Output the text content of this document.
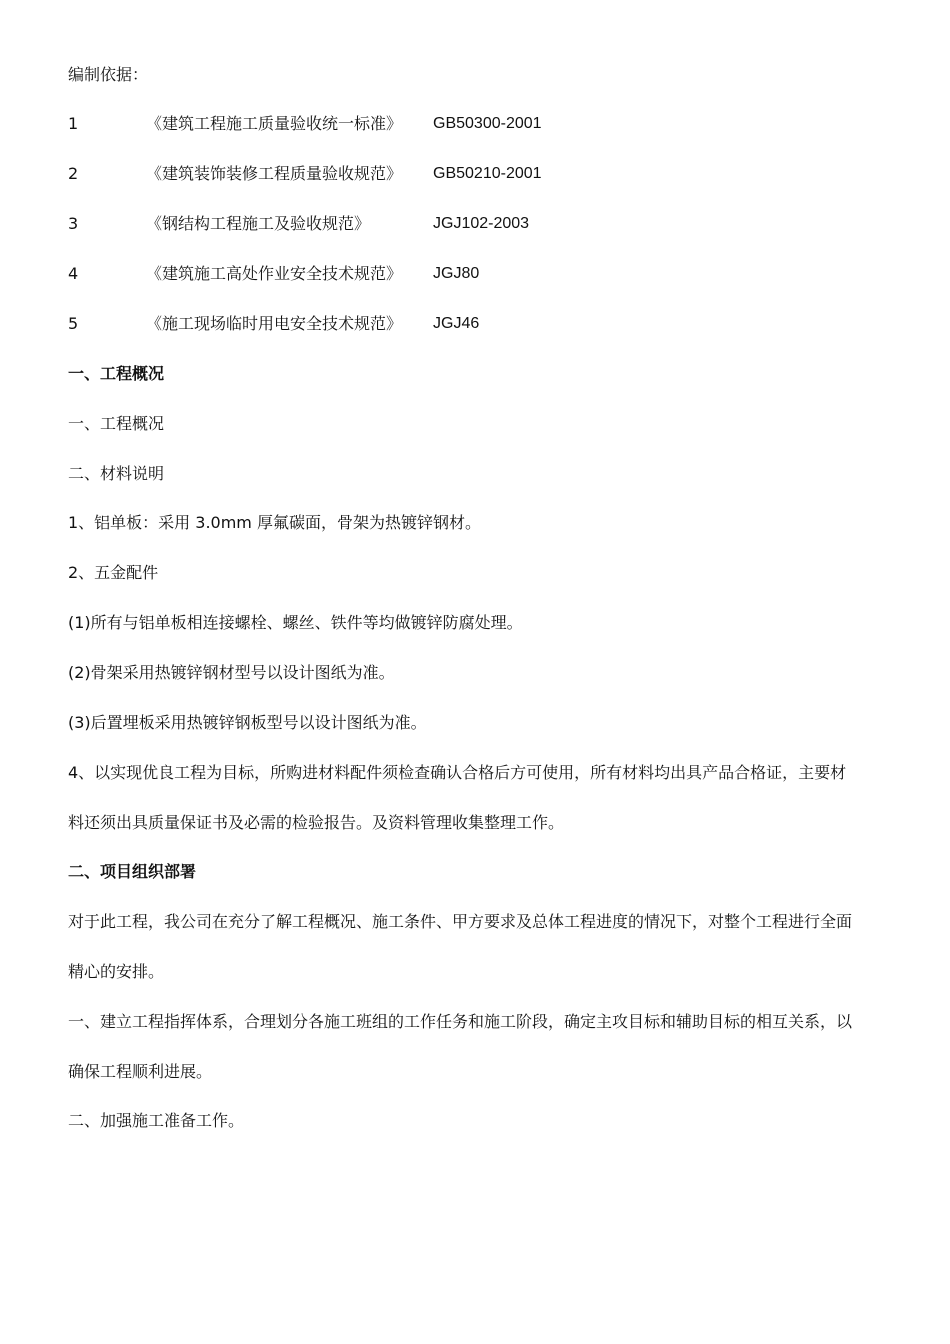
编制依据：
1	《建筑工程施工质量验收统一标准》 GB50300-2001
2	《建筑装饰装修工程质量验收规范》 GB50210-2001
3	《钢结构工程施工及验收规范》	JGJ102-2003
4	《建筑施工高处作业安全技术规范》 JGJ80
5	《施工现场临时用电安全技术规范》 JGJ46
一、工程概况
一、工程概况
二、材料说明
1、铝单板：采用 3.0mm 厚氟碳面，骨架为热镀锌钢材。
2、五金配件
(1)所有与铝单板相连接螺栓、螺丝、铁件等均做镀锌防腐处理。
(2)骨架采用热镀锌钢材型号以设计图纸为准。
(3)后置埋板采用热镀锌钢板型号以设计图纸为准。
4、以实现优良工程为目标，所购进材料配件须检查确认合格后方可使用，所有材料均出具产品合格证，主要材
料还须出具质量保证书及必需的检验报告。及资料管理收集整理工作。
二、项目组织部署
对于此工程，我公司在充分了解工程概况、施工条件、甲方要求及总体工程进度的情况下，对整个工程进行全面
精心的安排。
一、建立工程指挥体系，合理划分各施工班组的工作任务和施工阶段，确定主攻目标和辅助目标的相互关系，以
确保工程顺利进展。
二、加强施工准备工作。
